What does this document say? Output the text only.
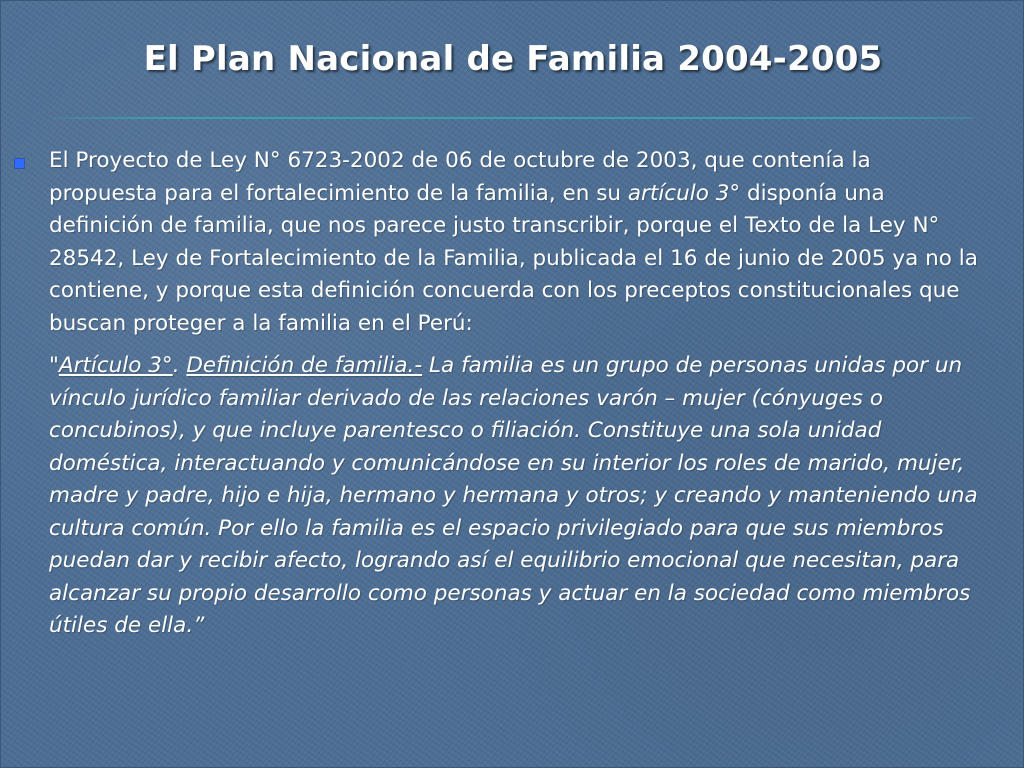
El Plan Nacional de Familia 2004-2005
El Proyecto de Ley N° 6723-2002 de 06 de octubre de 2003, que contenía la propuesta para el fortalecimiento de la familia, en su artículo 3° disponía una definición de familia, que nos parece justo transcribir, porque el Texto de la Ley N° 28542, Ley de Fortalecimiento de la Familia, publicada el 16 de junio de 2005 ya no la contiene, y porque esta definición concuerda con los preceptos constitucionales que buscan proteger a la familia en el Perú:
"Artículo 3°. Definición de familia.- La familia es un grupo de personas unidas por un vínculo jurídico familiar derivado de las relaciones varón – mujer (cónyuges o concubinos), y que incluye parentesco o filiación. Constituye una sola unidad doméstica, interactuando y comunicándose en su interior los roles de marido, mujer, madre y padre, hijo e hija, hermano y hermana y otros; y creando y manteniendo una cultura común. Por ello la familia es el espacio privilegiado para que sus miembros puedan dar y recibir afecto, logrando así el equilibrio emocional que necesitan, para alcanzar su propio desarrollo como personas y actuar en la sociedad como miembros útiles de ella.”
